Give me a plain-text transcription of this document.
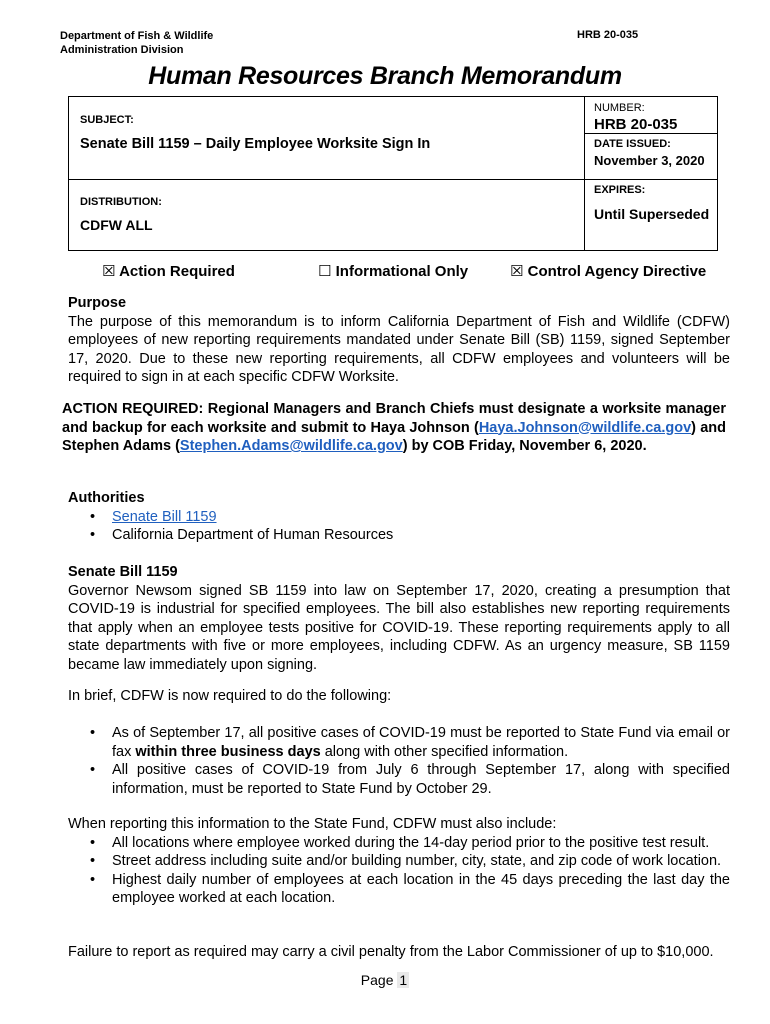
Department of Fish & Wildlife
Administration Division
HRB 20-035
Human Resources Branch Memorandum
SUBJECT:
Senate Bill 1159 – Daily Employee Worksite Sign In
NUMBER:
HRB 20-035
DATE ISSUED:
November 3, 2020
DISTRIBUTION:
CDFW ALL
EXPIRES:
Until Superseded
☒ Action Required	☐ Informational Only	☒ Control Agency Directive
Purpose
The purpose of this memorandum is to inform California Department of Fish and Wildlife (CDFW) employees of new reporting requirements mandated under Senate Bill (SB) 1159, signed September 17, 2020. Due to these new reporting requirements, all CDFW employees and volunteers will be required to sign in at each specific CDFW Worksite.
ACTION REQUIRED: Regional Managers and Branch Chiefs must designate a worksite manager and backup for each worksite and submit to Haya Johnson (Haya.Johnson@wildlife.ca.gov) and Stephen Adams (Stephen.Adams@wildlife.ca.gov) by COB Friday, November 6, 2020.
Authorities
• Senate Bill 1159
• California Department of Human Resources
Senate Bill 1159
Governor Newsom signed SB 1159 into law on September 17, 2020, creating a presumption that COVID-19 is industrial for specified employees. The bill also establishes new reporting requirements that apply when an employee tests positive for COVID-19. These reporting requirements apply to all state departments with five or more employees, including CDFW. As an urgency measure, SB 1159 became law immediately upon signing.
In brief, CDFW is now required to do the following:
• As of September 17, all positive cases of COVID-19 must be reported to State Fund via email or fax within three business days along with other specified information.
• All positive cases of COVID-19 from July 6 through September 17, along with specified information, must be reported to State Fund by October 29.
When reporting this information to the State Fund, CDFW must also include:
• All locations where employee worked during the 14-day period prior to the positive test result.
• Street address including suite and/or building number, city, state, and zip code of work location.
• Highest daily number of employees at each location in the 45 days preceding the last day the employee worked at each location.
Failure to report as required may carry a civil penalty from the Labor Commissioner of up to $10,000.
Page 1
